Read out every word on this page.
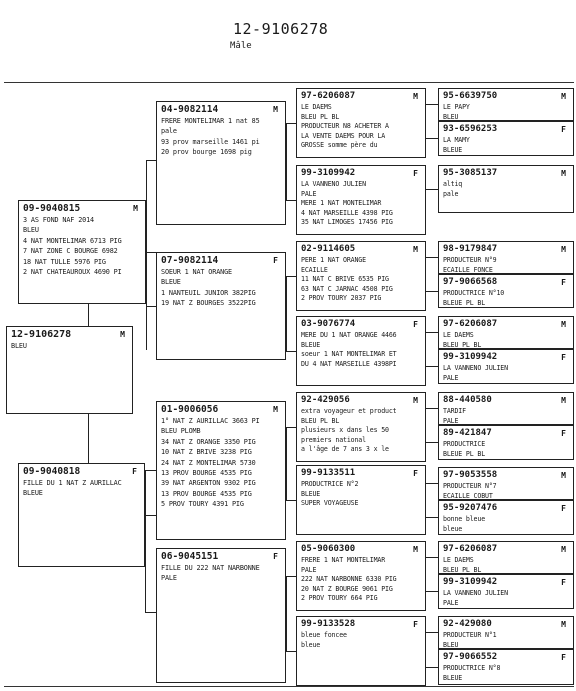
12-9106278
Mâle
12-9106278	M
BLEU
09-9040815	M
3 AS FOND NAF 2014
BLEU
4 NAT MONTELIMAR 6713 PIG
7 NAT ZONE C BOURGE 6982
18 NAT TULLE 5976 PIG
2 NAT CHATEAUROUX 4690 PI
09-9040818	F
FILLE DU 1 NAT Z AURILLAC
BLEUE
04-9082114	M
FRERE MONTELIMAR 1 nat 85
pale
93 prov marseille 1461 pi
20 prov bourge 1698 pig
07-9082114	F
SOEUR 1 NAT ORANGE
BLEUE
1 NANTEUIL JUNIOR 382PIG
19 NAT Z BOURGES 3522PIG
01-9006056	M
1° NAT Z AURILLAC 3663 PI
BLEU PLOMB
34 NAT Z ORANGE 3350 PIG
10 NAT Z BRIVE 3238 PIG
24 NAT Z MONTELIMAR 5730
13 PROV BOURGE 4535 PIG
39 NAT ARGENTON 9302 PIG
13 PROV BOURGE 4535 PIG
5 PROV TOURY 4391 PIG
06-9045151	F
FILLE DU 222 NAT NARBONNE
PALE
97-6206087	M
LE DAEMS
BLEU PL BL
PRODUCTEUR N8 ACHETER A
LA VENTE DAEMS POUR LA
GROSSE somme père du
99-3109942	F
LA VANNENO JULIEN
PALE
MERE 1 NAT MONTELIMAR
4 NAT MARSEILLE 4398 PIG
35 NAT LIMOGES 17456 PIG
02-9114605	M
PERE 1 NAT ORANGE
ECAILLE
11 NAT C BRIVE 6535 PIG
63 NAT C JARNAC 4508 PIG
2 PROV TOURY 2037 PIG
03-9076774	F
MERE DU 1 NAT ORANGE 4466
BLEUE
soeur 1 NAT MONTELIMAR ET
DU 4 NAT MARSEILLE 4398PI
92-429056	M
extra voyageur et product
BLEU PL BL
plusieurs x dans les 50
premiers national
a l'âge de 7 ans 3 x le
99-9133511	F
PRODUCTRICE N°2
BLEUE
SUPER VOYAGEUSE
05-9060300	M
FRERE 1 NAT MONTELIMAR
PALE
222 NAT NARBONNE 6330 PIG
20 NAT Z BOURGE 9061 PIG
2 PROV TOURY 664 PIG
99-9133528	F
bleue foncee
bleue
95-6639750	M
LE PAPY
BLEU
93-6596253	F
LA MAMY
BLEUE
95-3085137	M
altiq
pale
98-9179847	M
PRODUCTEUR N°9
ECAILLE FONCE
97-9066568	F
PRODUCTRICE N°10
BLEUE PL BL
97-6206087	M
LE DAEMS
BLEU PL BL
99-3109942	F
LA VANNENO JULIEN
PALE
88-440580	M
TARDIF
PALE
89-421847	F
PRODUCTRICE
BLEUE PL BL
97-9053558	M
PRODUCTEUR N°7
ECAILLE COBUT
95-9207476	F
bonne bleue
bleue
97-6206087	M
LE DAEMS
BLEU PL BL
99-3109942	F
LA VANNENO JULIEN
PALE
92-429080	M
PRODUCTEUR N°1
BLEU
97-9066552	F
PRODUCTRICE N°8
BLEUE
